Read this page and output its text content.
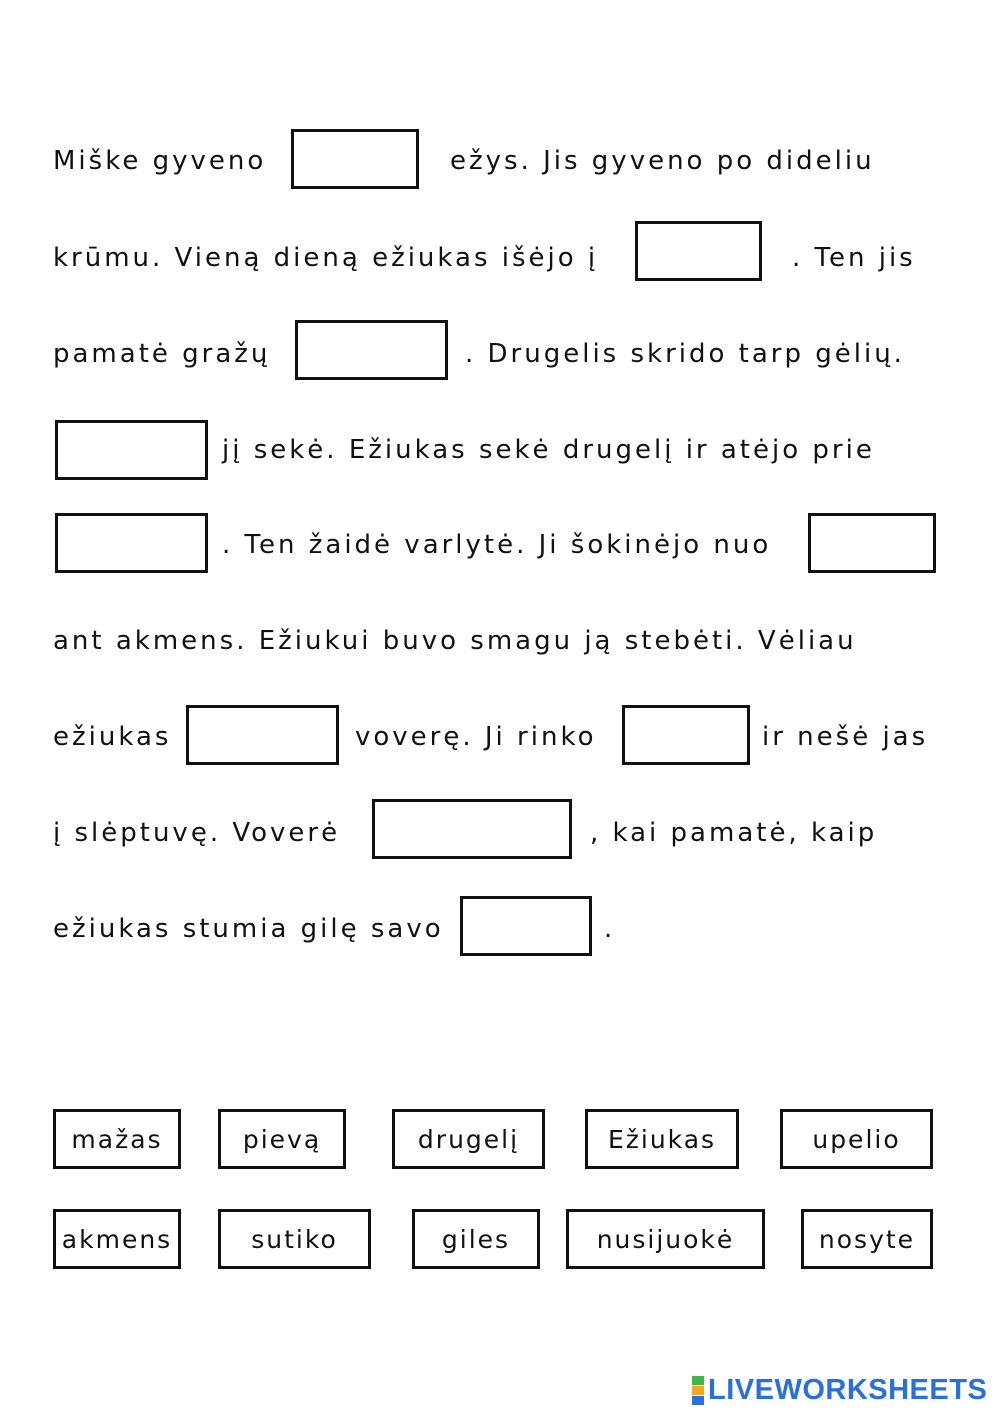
Miške gyveno	ežys. Jis gyveno po dideliu
krūmu. Vieną dieną ežiukas išėjo į	. Ten jis
pamatė gražų	. Drugelis skrido tarp gėlių.
jį sekė. Ežiukas sekė drugelį ir atėjo prie
. Ten žaidė varlytė. Ji šokinėjo nuo
ant akmens. Ežiukui buvo smagu ją stebėti. Vėliau
ežiukas	voverę. Ji rinko	ir nešė jas
į slėptuvę. Voverė	, kai pamatė, kaip
ežiukas stumia gilę savo	.
mažas	pievą	drugelį	Ežiukas	upelio
akmens	sutiko	giles	nusijuokė	nosyte
LIVEWORKSHEETS
